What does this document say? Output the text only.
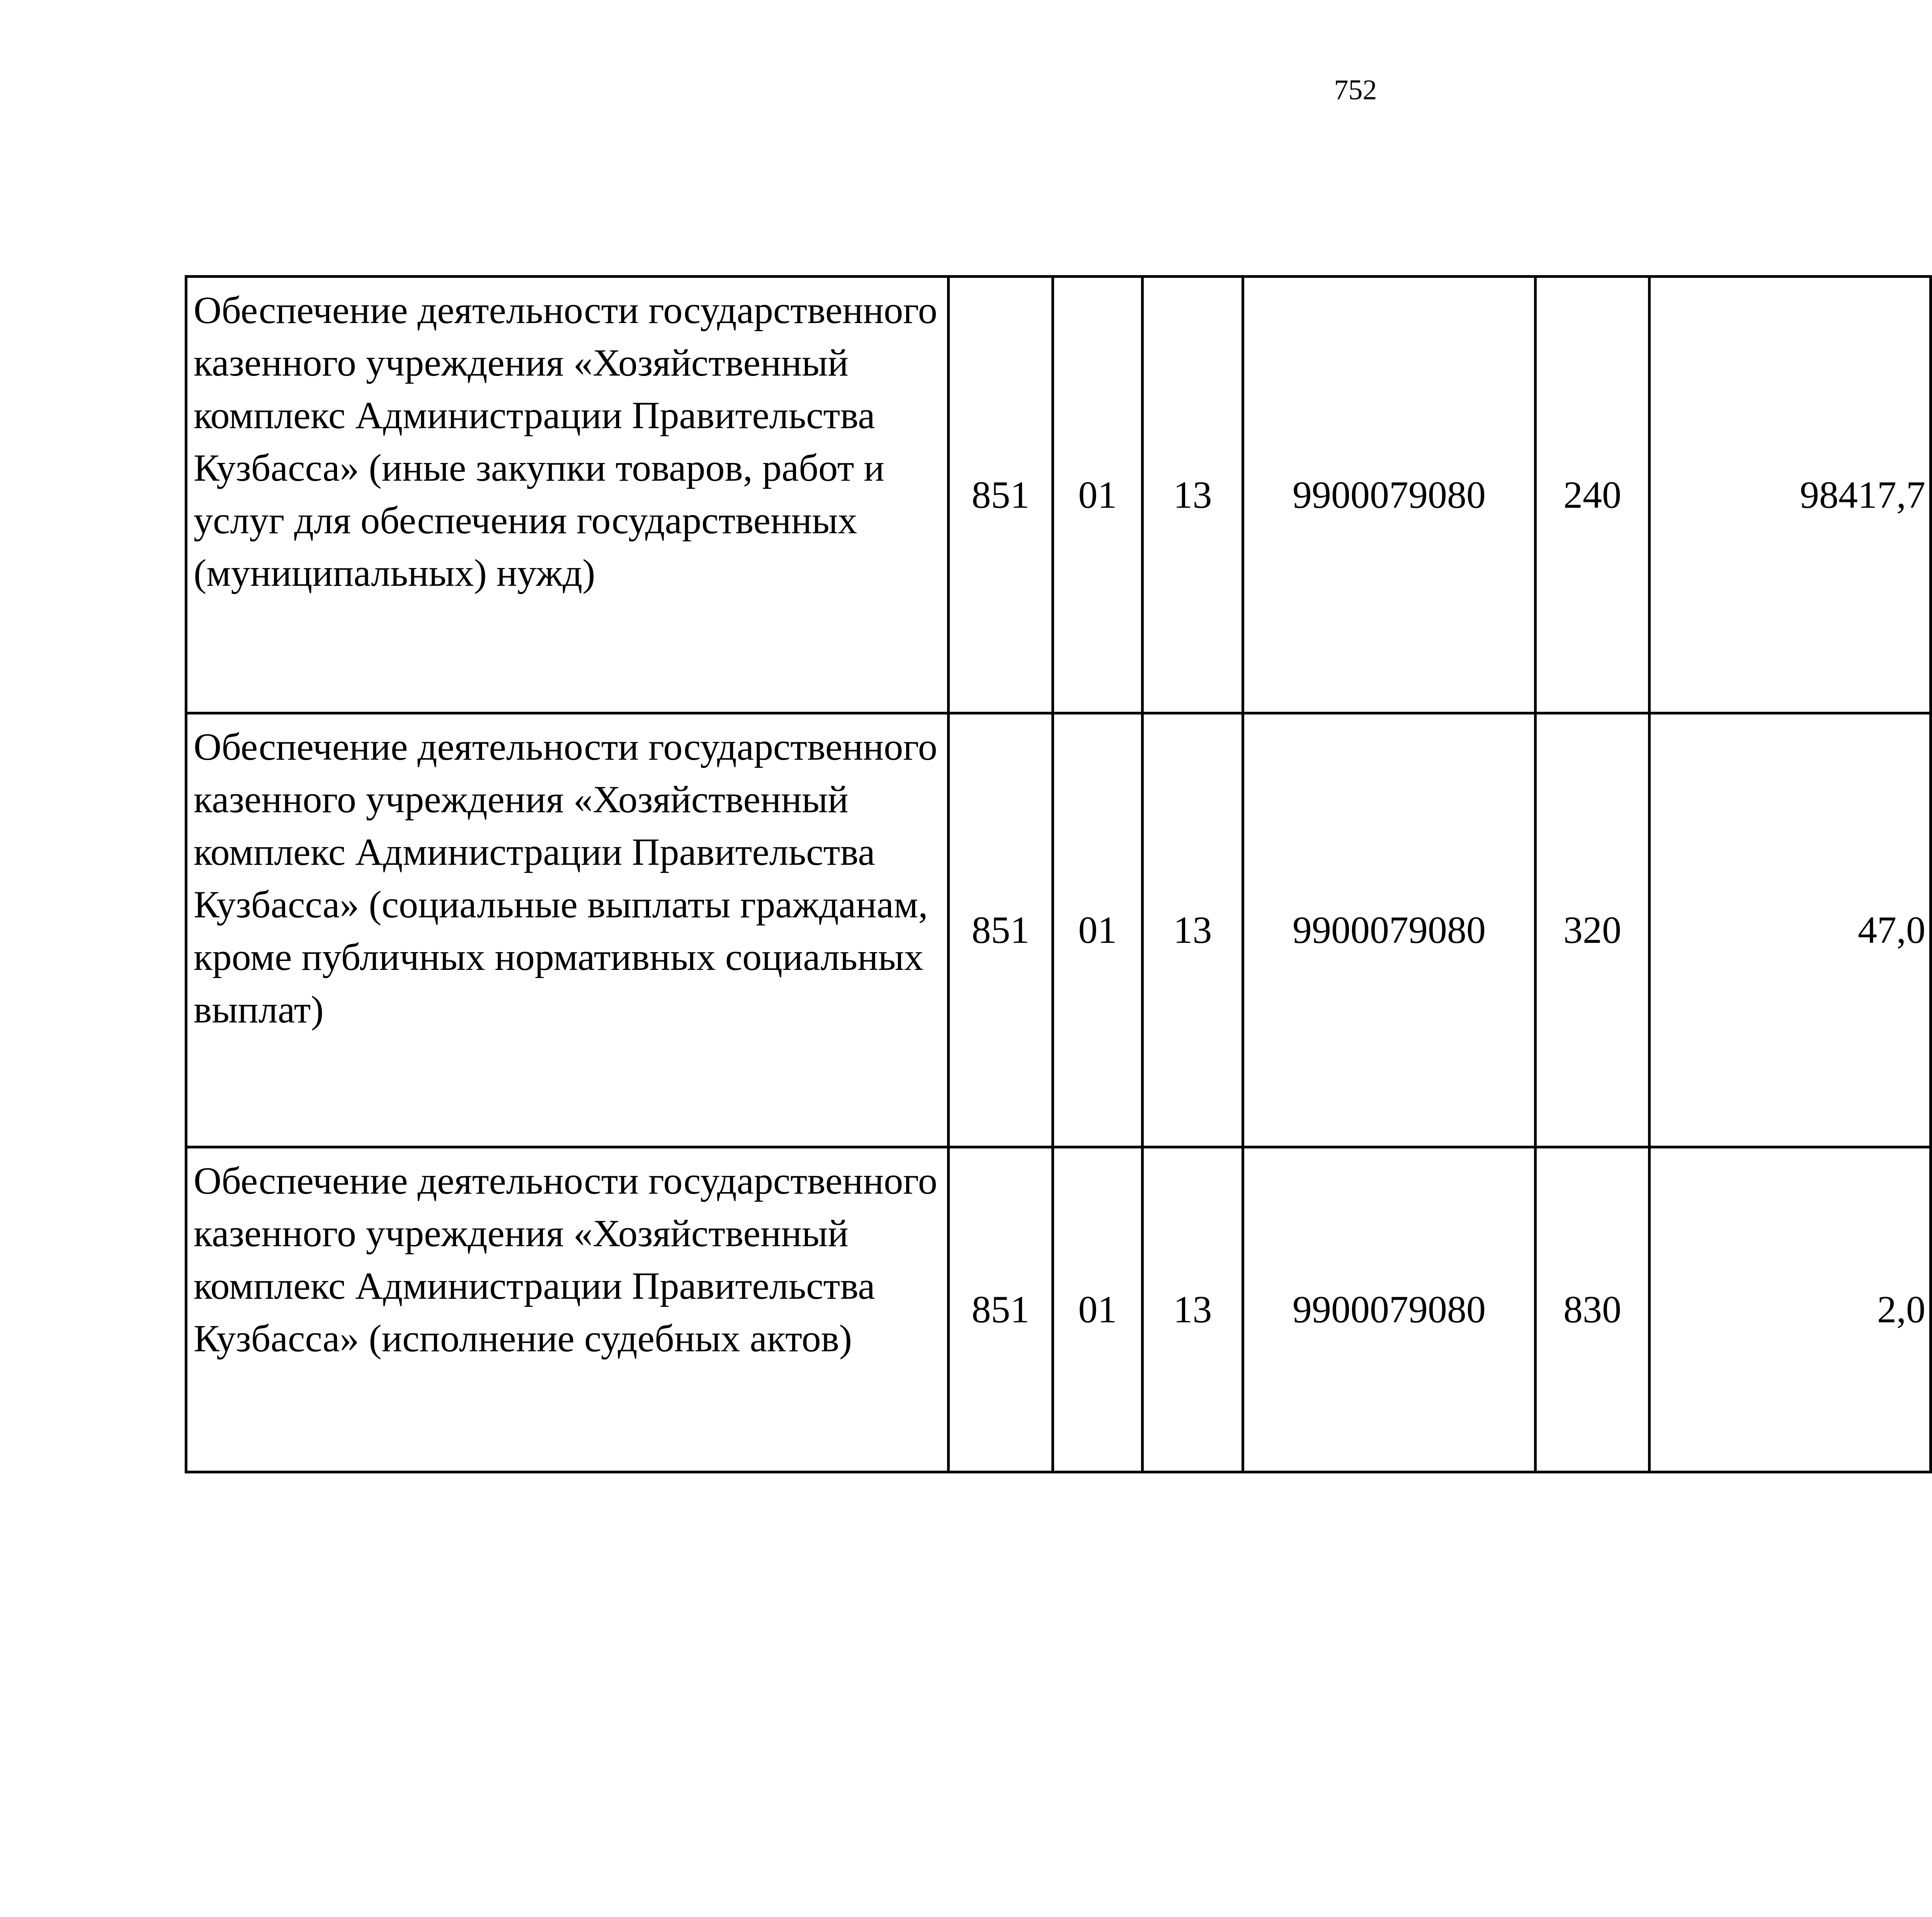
752
Обеспечение деятельности государственного казенного учреждения «Хозяйственный комплекс Администрации Правительства Кузбасса» (иные закупки товаров, работ и услуг для обеспечения государственных (муниципальных) нужд)	851	01	13	9900079080	240	98417,7		
Обеспечение деятельности государственного казенного учреждения «Хозяйственный комплекс Администрации Правительства Кузбасса» (социальные выплаты гражданам, кроме публичных нормативных социальных выплат)	851	01	13	9900079080	320	47,0		
Обеспечение деятельности государственного казенного учреждения «Хозяйственный комплекс Администрации Правительства Кузбасса» (исполнение судебных актов)	851	01	13	9900079080	830	2,0		
